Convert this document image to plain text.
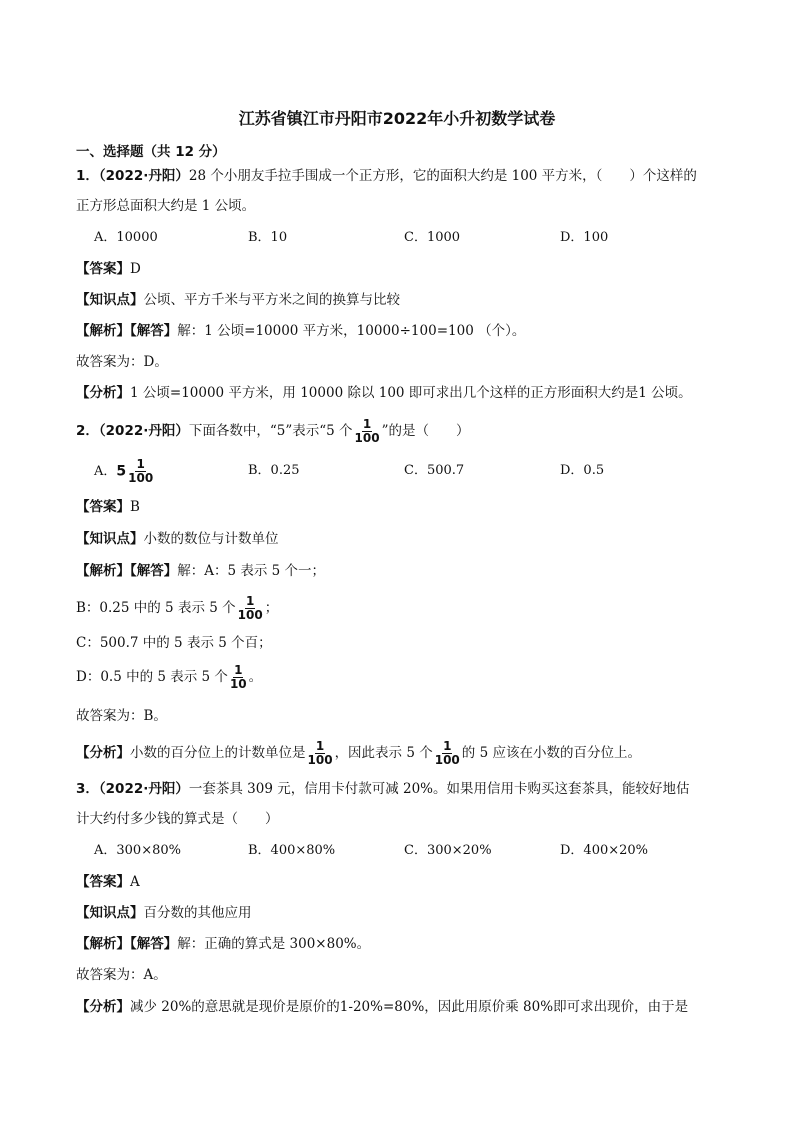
江苏省镇江市丹阳市2022年小升初数学试卷
一、选择题（共 12 分）
1．（2022·丹阳）28 个小朋友手拉手围成一个正方形，它的面积大约是 100 平方米，（　　）个这样的
正方形总面积大约是 1 公顷。
A．10000	B．10	C．1000	D．100
【答案】D
【知识点】公顷、平方千米与平方米之间的换算与比较
【解析】【解答】解：1 公顷=10000 平方米，10000÷100=100 （个）。
故答案为：D。
【分析】1 公顷=10000 平方米，用 10000 除以 100 即可求出几个这样的正方形面积大约是1 公顷。
2．（2022·丹阳）下面各数中，“5”表示“5 个 $\frac{1}{100}$ ”的是（　　）
A．$5 \frac{1}{100}$	B．0.25	C．500.7	D．0.5
【答案】B
【知识点】小数的数位与计数单位
【解析】【解答】解：A：5 表示 5 个一；
B：0.25 中的 5 表示 5 个 $\frac{1}{100}$ ；
C：500.7 中的 5 表示 5 个百；
D：0.5 中的 5 表示 5 个 $\frac{1}{10}$ 。
故答案为：B。
【分析】小数的百分位上的计数单位是 $\frac{1}{100}$ ，因此表示 5 个 $\frac{1}{100}$ 的 5 应该在小数的百分位上。
3．（2022·丹阳）一套茶具 309 元，信用卡付款可减 20%。如果用信用卡购买这套茶具，能较好地估
计大约付多少钱的算式是（　　）
A．300×80%	B．400×80%	C．300×20%	D．400×20%
【答案】A
【知识点】百分数的其他应用
【解析】【解答】解：正确的算式是 300×80%。
故答案为：A。
【分析】减少 20%的意思就是现价是原价的1-20%=80%，因此用原价乘 80%即可求出现价，由于是
